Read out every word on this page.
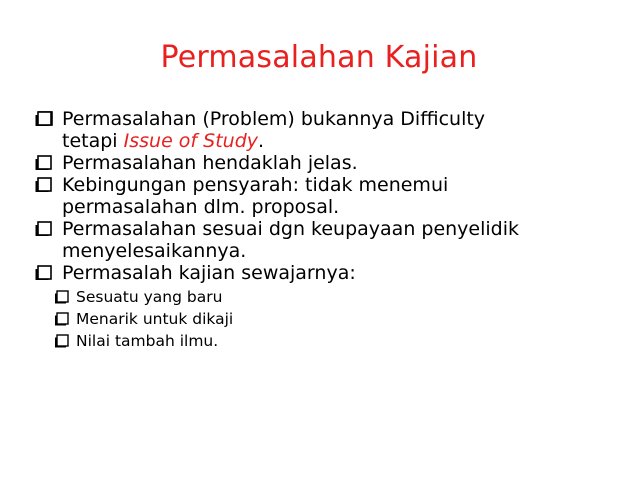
Permasalahan Kajian
Permasalahan (Problem) bukannya Difficulty
tetapi Issue of Study.
Permasalahan hendaklah jelas.
Kebingungan pensyarah: tidak menemui
permasalahan dlm. proposal.
Permasalahan sesuai dgn keupayaan penyelidik
menyelesaikannya.
Permasalah kajian sewajarnya:
Sesuatu yang baru
Menarik untuk dikaji
Nilai tambah ilmu.
